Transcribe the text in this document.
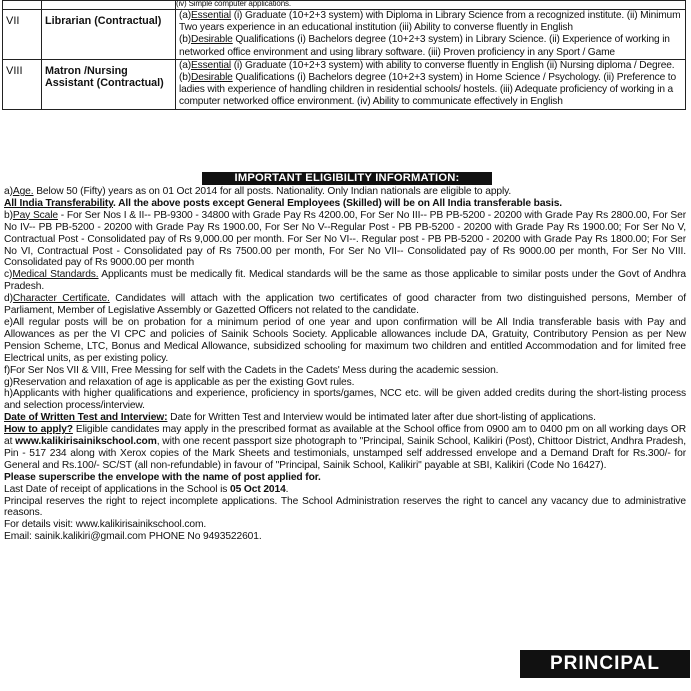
		(iv) Simple computer applications.
VII	Librarian (Contractual)	(a)Essential (i) Graduate (10+2+3 system) with Diploma in Library Science from a recognized institute. (ii) Minimum Two years experience in an educational institution (iii) Ability to converse fluently in English
(b)Desirable Qualifications (i) Bachelors degree (10+2+3 system) in Library Science. (ii) Experience of working in networked office environment and using library software. (iii) Proven proficiency in any Sport / Game
VIII	Matron /Nursing Assistant (Contractual)	(a)Essential (i) Graduate (10+2+3 system) with ability to converse fluently in English (ii) Nursing diploma / Degree.
(b)Desirable Qualifications (i) Bachelors degree (10+2+3 system) in Home Science / Psychology. (ii) Preference to ladies with experience of handling children in residential schools/ hostels. (iii) Adequate proficiency of working in a computer networked office environment. (iv) Ability to communicate effectively in English
IMPORTANT ELIGIBILITY INFORMATION:

a)Age. Below 50 (Fifty) years as on 01 Oct 2014 for all posts. Nationality. Only Indian nationals are eligible to apply.

All India Transferability. All the above posts except General Employees (Skilled) will be on All India transferable basis.

b)Pay Scale - For Ser Nos I & II-- PB-9300 - 34800 with Grade Pay Rs 4200.00, For Ser No III-- PB PB-5200 - 20200 with Grade Pay Rs 2800.00, For Ser No IV-- PB PB-5200 - 20200 with Grade Pay Rs 1900.00, For Ser No V--Regular Post - PB PB-5200 - 20200 with Grade Pay Rs 1900.00; For Ser No V, Contractual Post - Consolidated pay of Rs 9,000.00 per month. For Ser No VI--. Regular post - PB PB-5200 - 20200 with Grade Pay Rs 1800.00; For Ser No VI, Contractual Post - Consolidated pay of Rs 7500.00 per month, For Ser No VII-- Consolidated pay of Rs 9000.00 per month, For Ser No VIII. Consolidated pay of Rs 9000.00 per month

c)Medical Standards. Applicants must be medically fit. Medical standards will be the same as those applicable to similar posts under the Govt of Andhra Pradesh.

d)Character Certificate. Candidates will attach with the application two certificates of good character from two distinguished persons, Member of Parliament, Member of Legislative Assembly or Gazetted Officers not related to the candidate.

e)All regular posts will be on probation for a minimum period of one year and upon confirmation will be All India transferable basis with Pay and Allowances as per the VI CPC and policies of Sainik Schools Society. Applicable allowances include DA, Gratuity, Contributory Pension as per New Pension Scheme, LTC, Bonus and Medical Allowance, subsidized schooling for maximum two children and entitled Accommodation and for limited free Electrical units, as per existing policy.

f)For Ser Nos VII & VIII, Free Messing for self with the Cadets in the Cadets' Mess during the academic session.

g)Reservation and relaxation of age is applicable as per the existing Govt rules.

h)Applicants with higher qualifications and experience, proficiency in sports/games, NCC etc. will be given added credits during the short-listing process and selection process/interview.

Date of Written Test and Interview: Date for Written Test and Interview would be intimated later after due short-listing of applications.

How to apply? Eligible candidates may apply in the prescribed format as available at the School office from 0900 am to 0400 pm on all working days OR at www.kalikirisainikschool.com, with one recent passport size photograph to "Principal, Sainik School, Kalikiri (Post), Chittoor District, Andhra Pradesh, Pin - 517 234 along with Xerox copies of the Mark Sheets and testimonials, unstamped self addressed envelope and a Demand Draft for Rs.300/- for General and Rs.100/- SC/ST (all non-refundable) in favour of "Principal, Sainik School, Kalikiri" payable at SBI, Kalikiri (Code No 16427).

Please superscribe the envelope with the name of post applied for.

Last Date of receipt of applications in the School is 05 Oct 2014.

Principal reserves the right to reject incomplete applications. The School Administration reserves the right to cancel any vacancy due to administrative reasons.

For details visit: www.kalikirisainikschool.com.

Email: sainik.kalikiri@gmail.com PHONE No 9493522601.

PRINCIPAL
